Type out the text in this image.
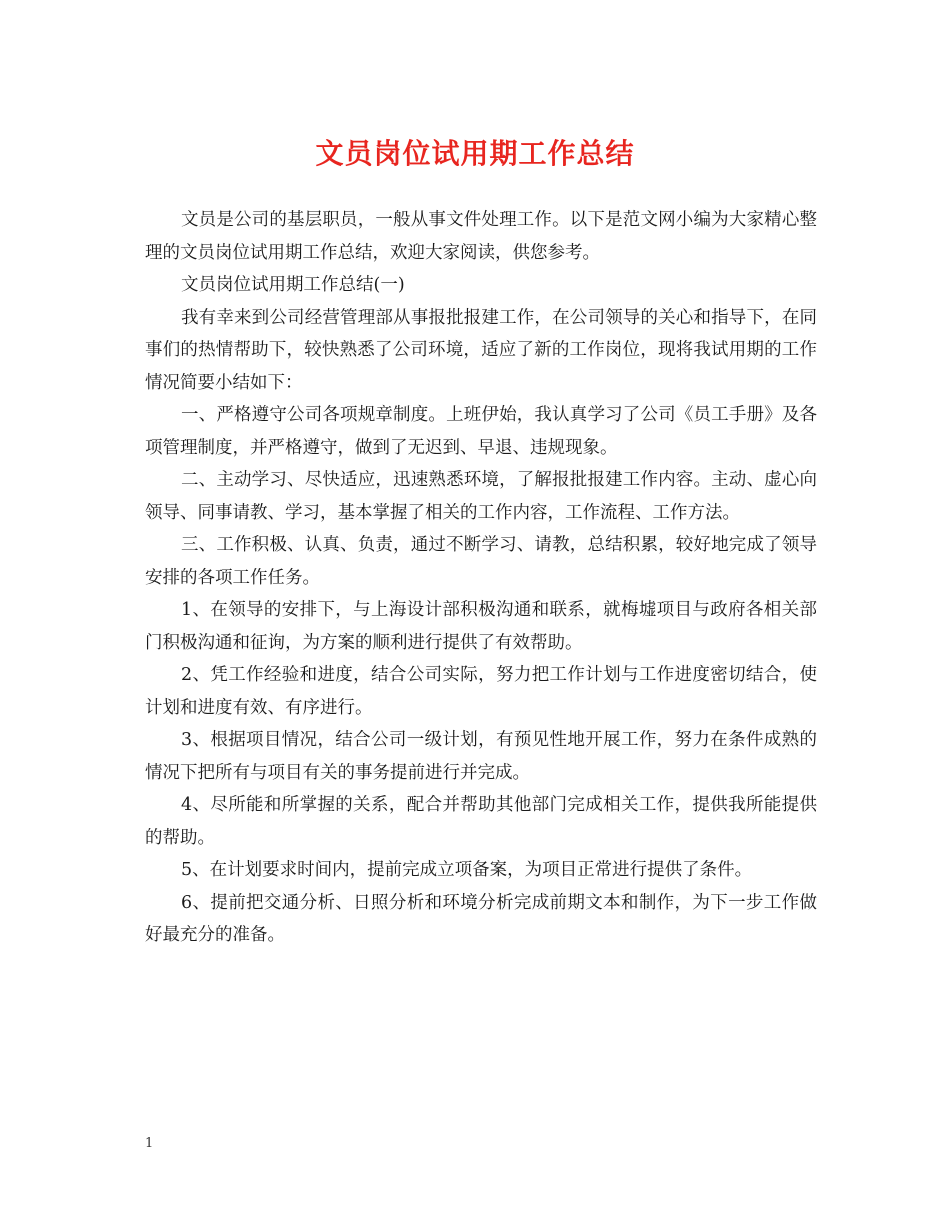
文员岗位试用期工作总结

文员是公司的基层职员，一般从事文件处理工作。以下是范文网小编为大家精心整理的文员岗位试用期工作总结，欢迎大家阅读，供您参考。

文员岗位试用期工作总结(一)

我有幸来到公司经营管理部从事报批报建工作，在公司领导的关心和指导下，在同事们的热情帮助下，较快熟悉了公司环境，适应了新的工作岗位，现将我试用期的工作情况简要小结如下：

一、严格遵守公司各项规章制度。上班伊始，我认真学习了公司《员工手册》及各项管理制度，并严格遵守，做到了无迟到、早退、违规现象。

二、主动学习、尽快适应，迅速熟悉环境，了解报批报建工作内容。主动、虚心向领导、同事请教、学习，基本掌握了相关的工作内容，工作流程、工作方法。

三、工作积极、认真、负责，通过不断学习、请教，总结积累，较好地完成了领导安排的各项工作任务。

1、在领导的安排下，与上海设计部积极沟通和联系，就梅墟项目与政府各相关部门积极沟通和征询，为方案的顺利进行提供了有效帮助。

2、凭工作经验和进度，结合公司实际，努力把工作计划与工作进度密切结合，使计划和进度有效、有序进行。

3、根据项目情况，结合公司一级计划，有预见性地开展工作，努力在条件成熟的情况下把所有与项目有关的事务提前进行并完成。

4、尽所能和所掌握的关系，配合并帮助其他部门完成相关工作，提供我所能提供的帮助。

5、在计划要求时间内，提前完成立项备案，为项目正常进行提供了条件。

6、提前把交通分析、日照分析和环境分析完成前期文本和制作，为下一步工作做好最充分的准备。

1
